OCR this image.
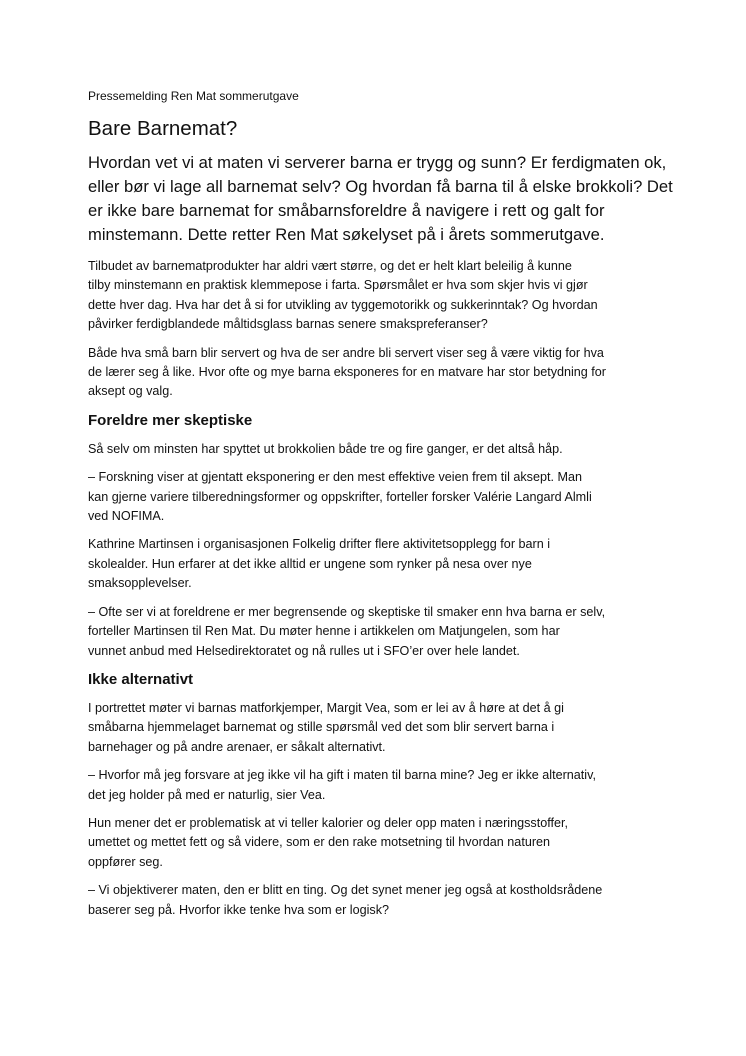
Pressemelding Ren Mat sommerutgave
Bare Barnemat?
Hvordan vet vi at maten vi serverer barna er trygg og sunn? Er ferdigmaten ok,
eller bør vi lage all barnemat selv? Og hvordan få barna til å elske brokkoli? Det
er ikke bare barnemat for småbarnsforeldre å navigere i rett og galt for
minstemann. Dette retter Ren Mat søkelyset på i årets sommerutgave.
Tilbudet av barnematprodukter har aldri vært større, og det er helt klart beleilig å kunne
tilby minstemann en praktisk klemmepose i farta. Spørsmålet er hva som skjer hvis vi gjør
dette hver dag. Hva har det å si for utvikling av tyggemotorikk og sukkerinntak? Og hvordan
påvirker ferdigblandede måltidsglass barnas senere smakspreferanser?
Både hva små barn blir servert og hva de ser andre bli servert viser seg å være viktig for hva
de lærer seg å like. Hvor ofte og mye barna eksponeres for en matvare har stor betydning for
aksept og valg.
Foreldre mer skeptiske
Så selv om minsten har spyttet ut brokkolien både tre og fire ganger, er det altså håp.
– Forskning viser at gjentatt eksponering er den mest effektive veien frem til aksept. Man
kan gjerne variere tilberedningsformer og oppskrifter, forteller forsker Valérie Langard Almli
ved NOFIMA.
Kathrine Martinsen i organisasjonen Folkelig drifter flere aktivitetsopplegg for barn i
skolealder. Hun erfarer at det ikke alltid er ungene som rynker på nesa over nye
smaksopplevelser.
– Ofte ser vi at foreldrene er mer begrensende og skeptiske til smaker enn hva barna er selv,
forteller Martinsen til Ren Mat. Du møter henne i artikkelen om Matjungelen, som har
vunnet anbud med Helsedirektoratet og nå rulles ut i SFO’er over hele landet.
Ikke alternativt
I portrettet møter vi barnas matforkjemper, Margit Vea, som er lei av å høre at det å gi
småbarna hjemmelaget barnemat og stille spørsmål ved det som blir servert barna i
barnehager og på andre arenaer, er såkalt alternativt.
– Hvorfor må jeg forsvare at jeg ikke vil ha gift i maten til barna mine? Jeg er ikke alternativ,
det jeg holder på med er naturlig, sier Vea.
Hun mener det er problematisk at vi teller kalorier og deler opp maten i næringsstoffer,
umettet og mettet fett og så videre, som er den rake motsetning til hvordan naturen
oppfører seg.
– Vi objektiverer maten, den er blitt en ting. Og det synet mener jeg også at kostholdsrådene
baserer seg på. Hvorfor ikke tenke hva som er logisk?
